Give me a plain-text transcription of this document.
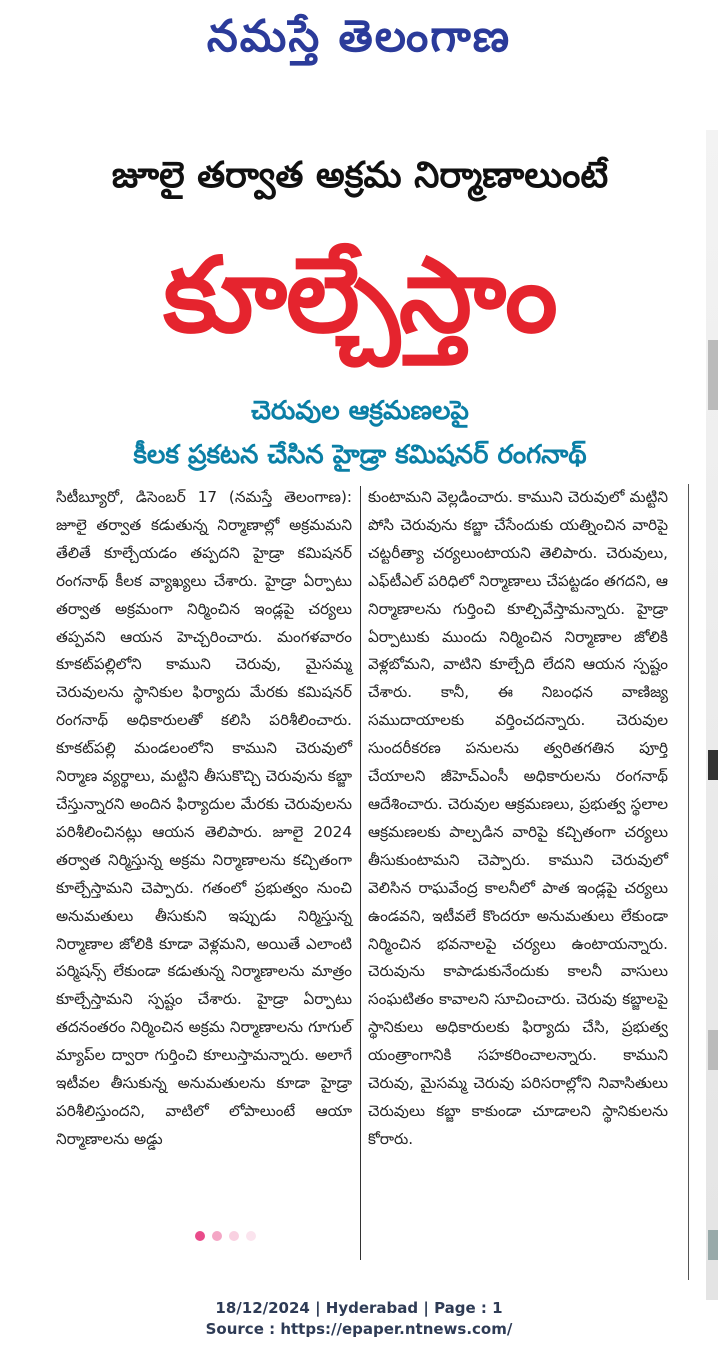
నమస్తే తెలంగాణ
జూలై తర్వాత అక్రమ నిర్మాణాలుంటే
కూల్చేస్తాం
చెరువుల ఆక్రమణలపై
కీలక ప్రకటన చేసిన హైడ్రా కమిషనర్ రంగనాథ్
సిటీబ్యూరో, డిసెంబర్ 17 (నమస్తే తెలంగాణ): జూలై తర్వాత కడుతున్న నిర్మాణాల్లో అక్రమమని తేలితే కూల్చేయడం తప్పదని హైడ్రా కమిషనర్ రంగనాథ్ కీలక వ్యాఖ్యలు చేశారు. హైడ్రా ఏర్పాటు తర్వాత అక్రమంగా నిర్మించిన ఇండ్లపై చర్యలు తప్పవని ఆయన హెచ్చరించారు. మంగళవారం కూకట్‌పల్లిలోని కాముని చెరువు, మైసమ్మ చెరువులను స్థానికుల ఫిర్యాదు మేరకు కమిషనర్ రంగనాథ్ అధికారులతో కలిసి పరిశీలించారు. కూకట్‌పల్లి మండలంలోని కాముని చెరువులో నిర్మాణ వ్యర్థాలు, మట్టిని తీసుకొచ్చి చెరువును కబ్జా చేస్తున్నారని అందిన ఫిర్యాదుల మేరకు చెరువులను పరిశీలించినట్లు ఆయన తెలిపారు. జూలై 2024 తర్వాత నిర్మిస్తున్న అక్రమ నిర్మాణాలను కచ్చితంగా కూల్చేస్తామని చెప్పారు. గతంలో ప్రభుత్వం నుంచి అనుమతులు తీసుకుని ఇప్పుడు నిర్మిస్తున్న నిర్మాణాల జోలికి కూడా వెళ్లమని, అయితే ఎలాంటి పర్మిషన్స్ లేకుండా కడుతున్న నిర్మాణాలను మాత్రం కూల్చేస్తామని స్పష్టం చేశారు. హైడ్రా ఏర్పాటు తదనంతరం నిర్మించిన అక్రమ నిర్మాణాలను గూగుల్ మ్యాప్‌ల ద్వారా గుర్తించి కూలుస్తామన్నారు. అలాగే ఇటీవల తీసుకున్న అనుమతులను కూడా హైడ్రా పరిశీలిస్తుందని, వాటిలో లోపాలుంటే ఆయా నిర్మాణాలను అడ్డు
కుంటామని వెల్లడించారు. కాముని చెరువులో మట్టిని పోసి చెరువును కబ్జా చేసేందుకు యత్నించిన వారిపై చట్టరీత్యా చర్యలుంటాయని తెలిపారు. చెరువులు, ఎఫ్‌టీఎల్ పరిధిలో నిర్మాణాలు చేపట్టడం తగదని, ఆ నిర్మాణాలను గుర్తించి కూల్చివేస్తామన్నారు. హైడ్రా ఏర్పాటుకు ముందు నిర్మించిన నిర్మాణాల జోలికి వెళ్లబోమని, వాటిని కూల్చేది లేదని ఆయన స్పష్టం చేశారు. కానీ, ఈ నిబంధన వాణిజ్య సముదాయాలకు వర్తించదన్నారు. చెరువుల సుందరీకరణ పనులను త్వరితగతిన పూర్తి చేయాలని జీహెచ్‌ఎంసీ అధికారులను రంగనాథ్ ఆదేశించారు. చెరువుల ఆక్రమణలు, ప్రభుత్వ స్థలాల ఆక్రమణలకు పాల్పడిన వారిపై కచ్చితంగా చర్యలు తీసుకుంటామని చెప్పారు. కాముని చెరువులో వెలిసిన రాఘవేంద్ర కాలనీలో పాత ఇండ్లపై చర్యలు ఉండవని, ఇటీవలే కొందరూ అనుమతులు లేకుండా నిర్మించిన భవనాలపై చర్యలు ఉంటాయన్నారు. చెరువును కాపాడుకునేందుకు కాలనీ వాసులు సంఘటితం కావాలని సూచించారు. చెరువు కబ్జాలపై స్థానికులు అధికారులకు ఫిర్యాదు చేసి, ప్రభుత్వ యంత్రాంగానికి సహకరించాలన్నారు. కాముని చెరువు, మైసమ్మ చెరువు పరిసరాల్లోని నివాసితులు చెరువులు కబ్జా కాకుండా చూడాలని స్థానికులను కోరారు.

18/12/2024 | Hyderabad | Page : 1
Source : https://epaper.ntnews.com/
